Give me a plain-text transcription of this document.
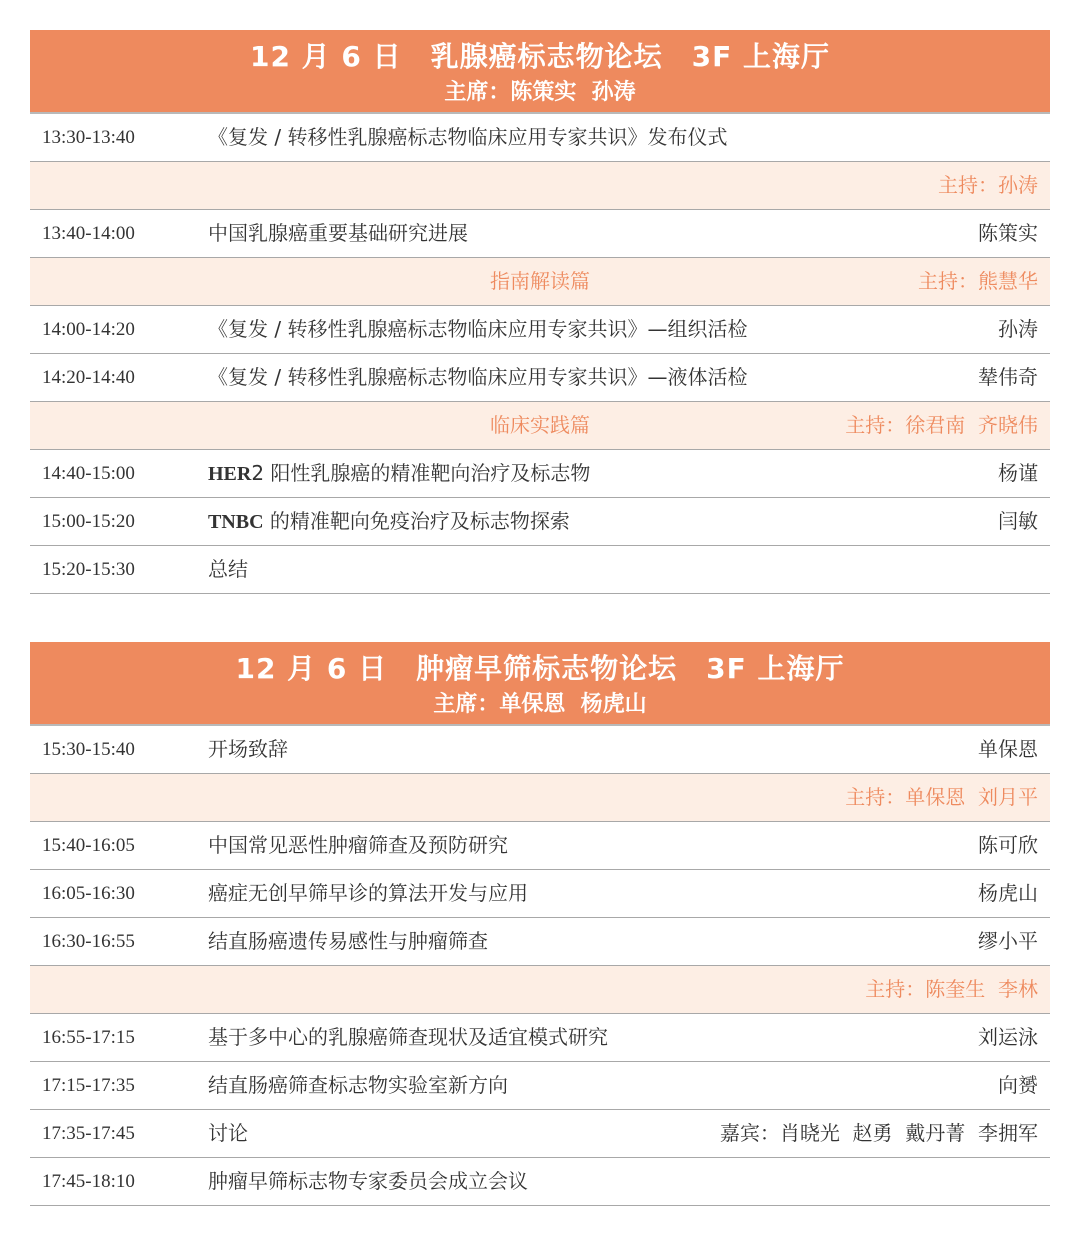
12 月 6 日　乳腺癌标志物论坛　3F 上海厅
主席：陈策实  孙涛
13:30-13:40	《复发 / 转移性乳腺癌标志物临床应用专家共识》发布仪式
主持：孙涛
13:40-14:00	中国乳腺癌重要基础研究进展	陈策实
指南解读篇	主持：熊慧华
14:00-14:20	《复发 / 转移性乳腺癌标志物临床应用专家共识》—组织活检	孙涛
14:20-14:40	《复发 / 转移性乳腺癌标志物临床应用专家共识》—液体活检	辇伟奇
临床实践篇	主持：徐君南  齐晓伟
14:40-15:00	HER2 阳性乳腺癌的精准靶向治疗及标志物	杨谨
15:00-15:20	TNBC 的精准靶向免疫治疗及标志物探索	闫敏
15:20-15:30	总结
12 月 6 日　肿瘤早筛标志物论坛　3F 上海厅
主席：单保恩  杨虎山
15:30-15:40	开场致辞	单保恩
主持：单保恩  刘月平
15:40-16:05	中国常见恶性肿瘤筛查及预防研究	陈可欣
16:05-16:30	癌症无创早筛早诊的算法开发与应用	杨虎山
16:30-16:55	结直肠癌遗传易感性与肿瘤筛查	缪小平
主持：陈奎生  李林
16:55-17:15	基于多中心的乳腺癌筛查现状及适宜模式研究	刘运泳
17:15-17:35	结直肠癌筛查标志物实验室新方向	向赟
17:35-17:45	讨论	嘉宾：肖晓光  赵勇  戴丹菁  李拥军
17:45-18:10	肿瘤早筛标志物专家委员会成立会议
